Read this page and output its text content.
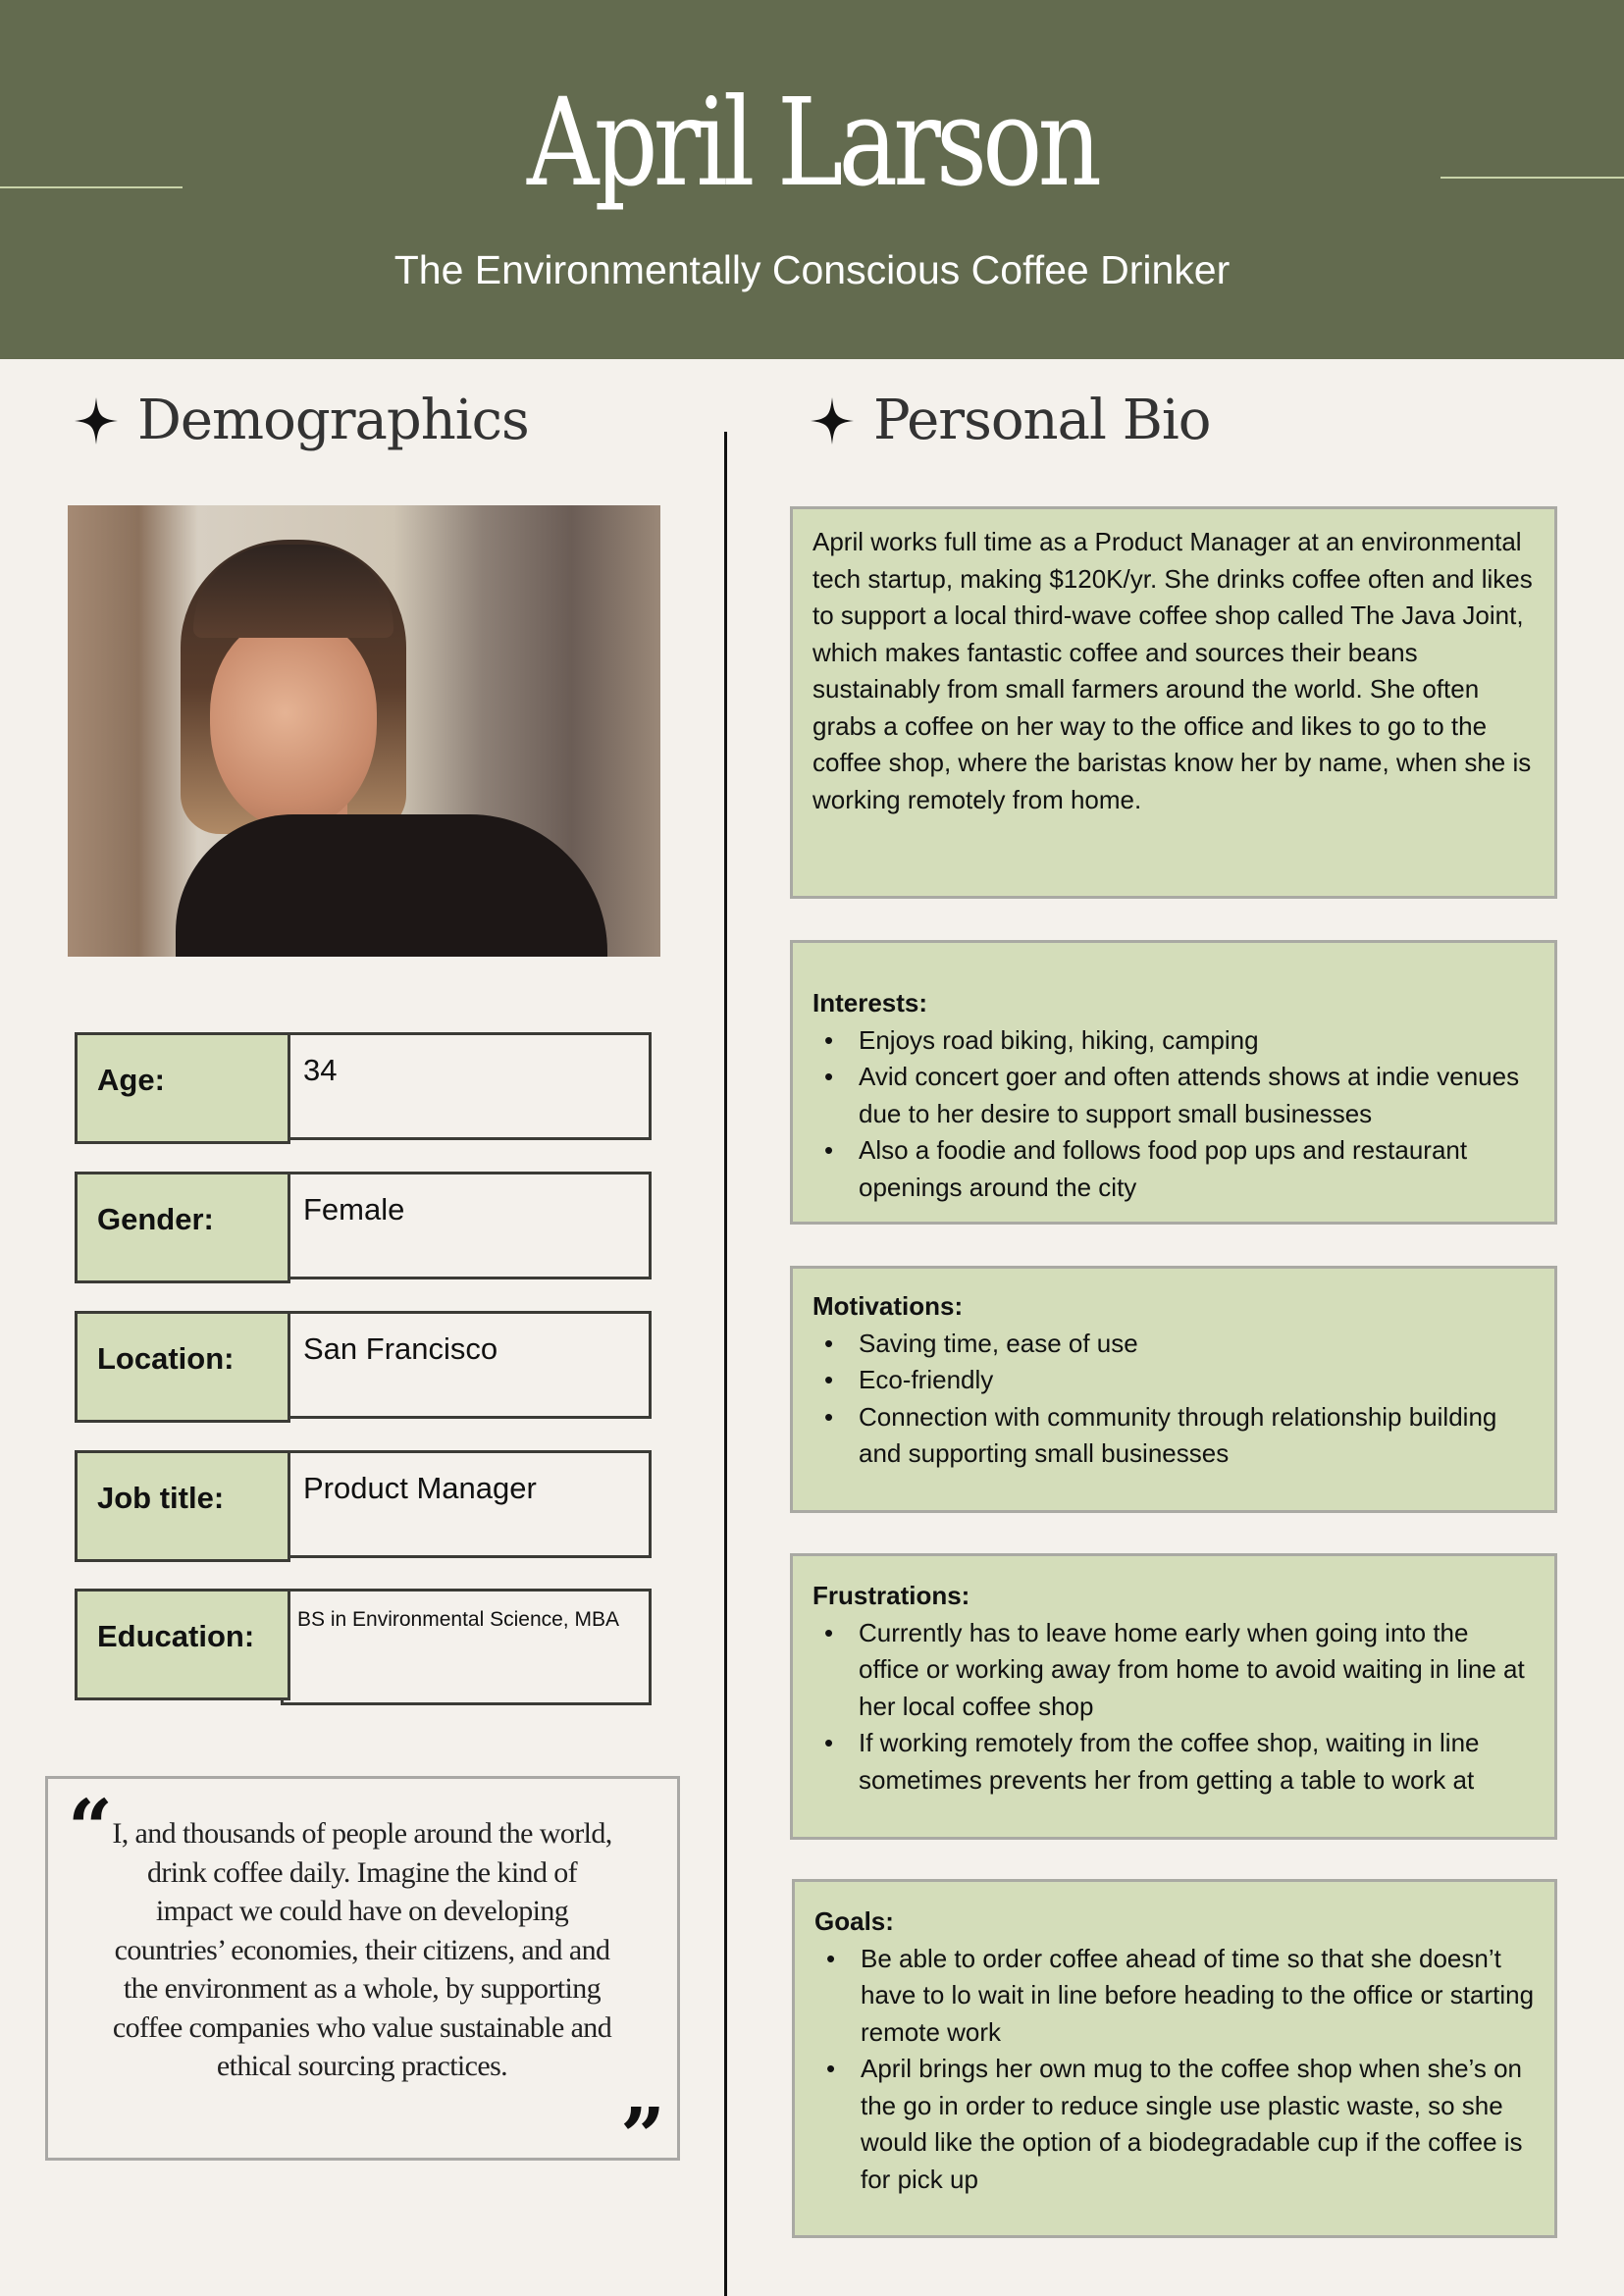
April Larson
The Environmentally Conscious Coffee Drinker
Demographics	Personal Bio
34
Age:
Female
Gender:
San Francisco
Location:
Product Manager
Job title:
BS in Environmental Science, MBA
Education:
“ I, and thousands of people around the world, drink coffee daily. Imagine the kind of impact we could have on developing countries’ economies, their citizens, and and the environment as a whole, by supporting coffee companies who value sustainable and ethical sourcing practices.

”

April works full time as a Product Manager at an environmental tech startup, making $120K/yr. She drinks coffee often and likes to support a local third-wave coffee shop called The Java Joint, which makes fantastic coffee and sources their beans sustainably from small farmers around the world. She often grabs a coffee on her way to the office and likes to go to the coffee shop, where the baristas know her by name, when she is working remotely from home.

Interests:
• Enjoys road biking, hiking, camping
• Avid concert goer and often attends shows at indie venues due to her desire to support small businesses
• Also a foodie and follows food pop ups and restaurant openings around the city
Motivations:
• Saving time, ease of use
• Eco-friendly
• Connection with community through relationship building and supporting small businesses
Frustrations:
• Currently has to leave home early when going into the office or working away from home to avoid waiting in line at her local coffee shop
• If working remotely from the coffee shop, waiting in line sometimes prevents her from getting a table to work at
Goals:
• Be able to order coffee ahead of time so that she doesn’t have to lo wait in line before heading to the office or starting remote work
• April brings her own mug to the coffee shop when she’s on the go in order to reduce single use plastic waste, so she would like the option of a biodegradable cup if the coffee is for pick up
